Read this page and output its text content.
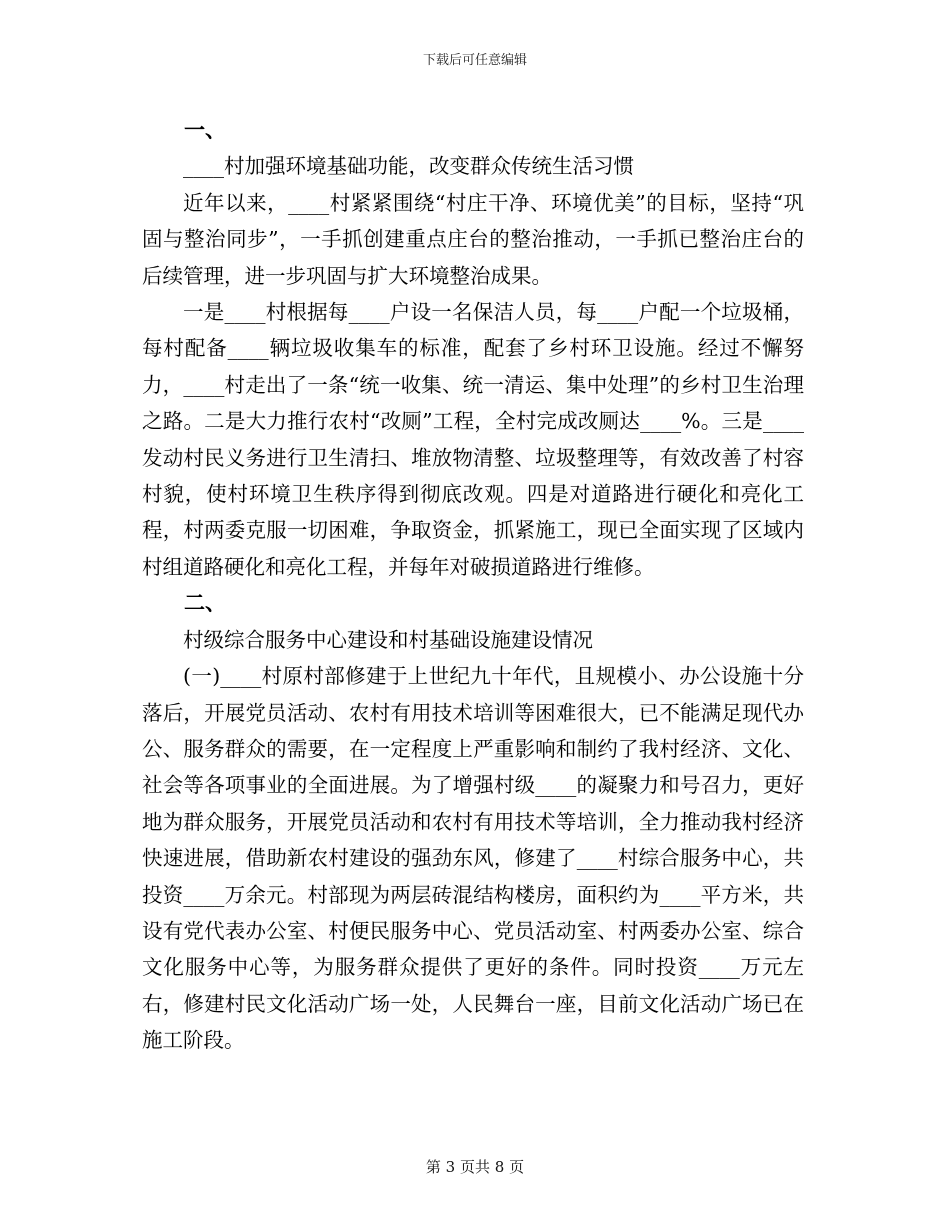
下载后可任意编辑

一、

____村加强环境基础功能，改变群众传统生活习惯

近年以来，____村紧紧围绕“村庄干净、环境优美”的目标，坚持“巩固与整治同步”，一手抓创建重点庄台的整治推动，一手抓已整治庄台的后续管理，进一步巩固与扩大环境整治成果。

一是____村根据每____户设一名保洁人员，每____户配一个垃圾桶，每村配备____辆垃圾收集车的标准，配套了乡村环卫设施。经过不懈努力，____村走出了一条“统一收集、统一清运、集中处理”的乡村卫生治理之路。二是大力推行农村“改厕”工程，全村完成改厕达____%。三是____发动村民义务进行卫生清扫、堆放物清整、垃圾整理等，有效改善了村容村貌，使村环境卫生秩序得到彻底改观。四是对道路进行硬化和亮化工程，村两委克服一切困难，争取资金，抓紧施工，现已全面实现了区域内村组道路硬化和亮化工程，并每年对破损道路进行维修。

二、

村级综合服务中心建设和村基础设施建设情况

(一)____村原村部修建于上世纪九十年代，且规模小、办公设施十分落后，开展党员活动、农村有用技术培训等困难很大，已不能满足现代办公、服务群众的需要，在一定程度上严重影响和制约了我村经济、文化、社会等各项事业的全面进展。为了增强村级____的凝聚力和号召力，更好地为群众服务，开展党员活动和农村有用技术等培训，全力推动我村经济快速进展，借助新农村建设的强劲东风，修建了____村综合服务中心，共投资____万余元。村部现为两层砖混结构楼房，面积约为____平方米，共设有党代表办公室、村便民服务中心、党员活动室、村两委办公室、综合文化服务中心等，为服务群众提供了更好的条件。同时投资____万元左右，修建村民文化活动广场一处，人民舞台一座，目前文化活动广场已在施工阶段。

第 3 页共 8 页
